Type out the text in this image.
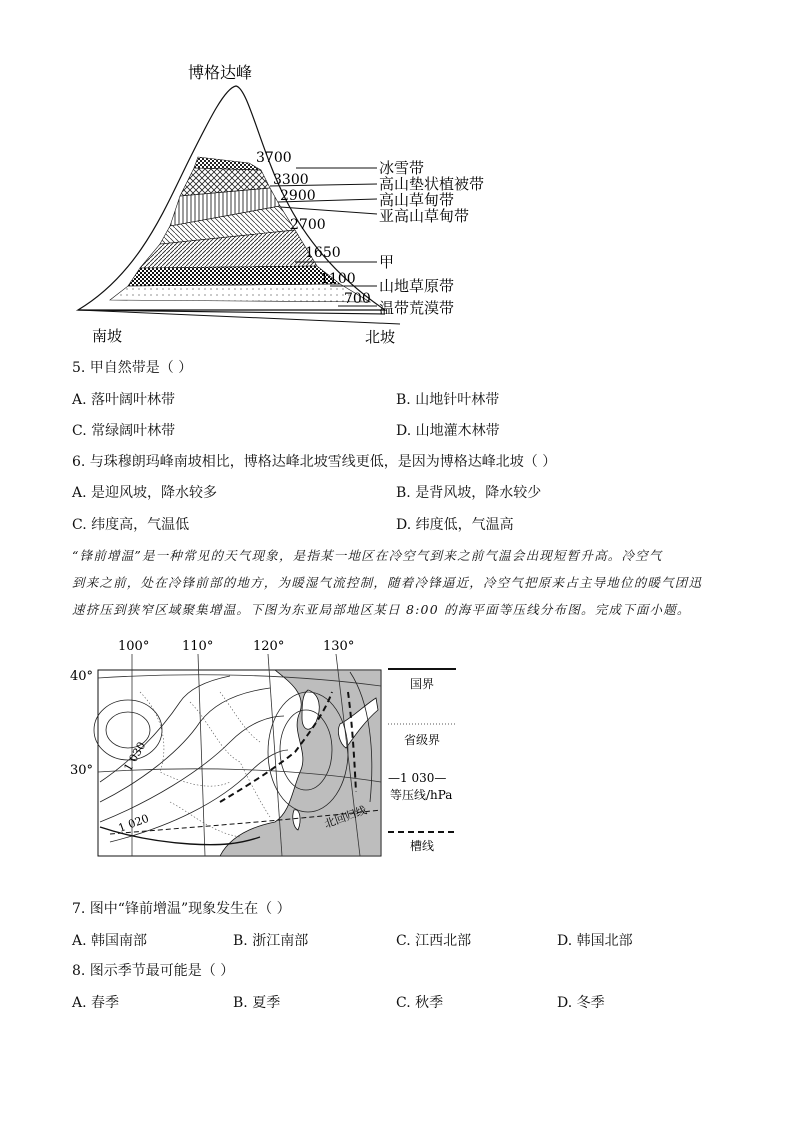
博格达峰
南坡	北坡
3700
3300
2900
2700
1650
1100
700
冰雪带
高山垫状植被带
高山草甸带
亚高山草甸带
甲
山地草原带
温带荒漠带
5. 甲自然带是（ ）
A. 落叶阔叶林带	B. 山地针叶林带
C. 常绿阔叶林带	D. 山地灌木林带
6. 与珠穆朗玛峰南坡相比，博格达峰北坡雪线更低，是因为博格达峰北坡（ ）
A. 是迎风坡，降水较多	B. 是背风坡，降水较少
C. 纬度高，气温低	D. 纬度低，气温高
“锋前增温”是一种常见的天气现象，是指某一地区在冷空气到来之前气温会出现短暂升高。冷空气
到来之前，处在冷锋前部的地方，为暖湿气流控制，随着冷锋逼近，冷空气把原来占主导地位的暖气团迅
速挤压到狭窄区域聚集增温。下图为东亚局部地区某日 8:00 的海平面等压线分布图。完成下面小题。
100°	110°	120°	130°
40°
30°
北回归线
1 030
1 020
国界
省级界
—1 030—
等压线/hPa
槽线
7. 图中“锋前增温”现象发生在（ ）
A. 韩国南部	B. 浙江南部	C. 江西北部	D. 韩国北部
8. 图示季节最可能是（ ）
A. 春季	B. 夏季	C. 秋季	D. 冬季
